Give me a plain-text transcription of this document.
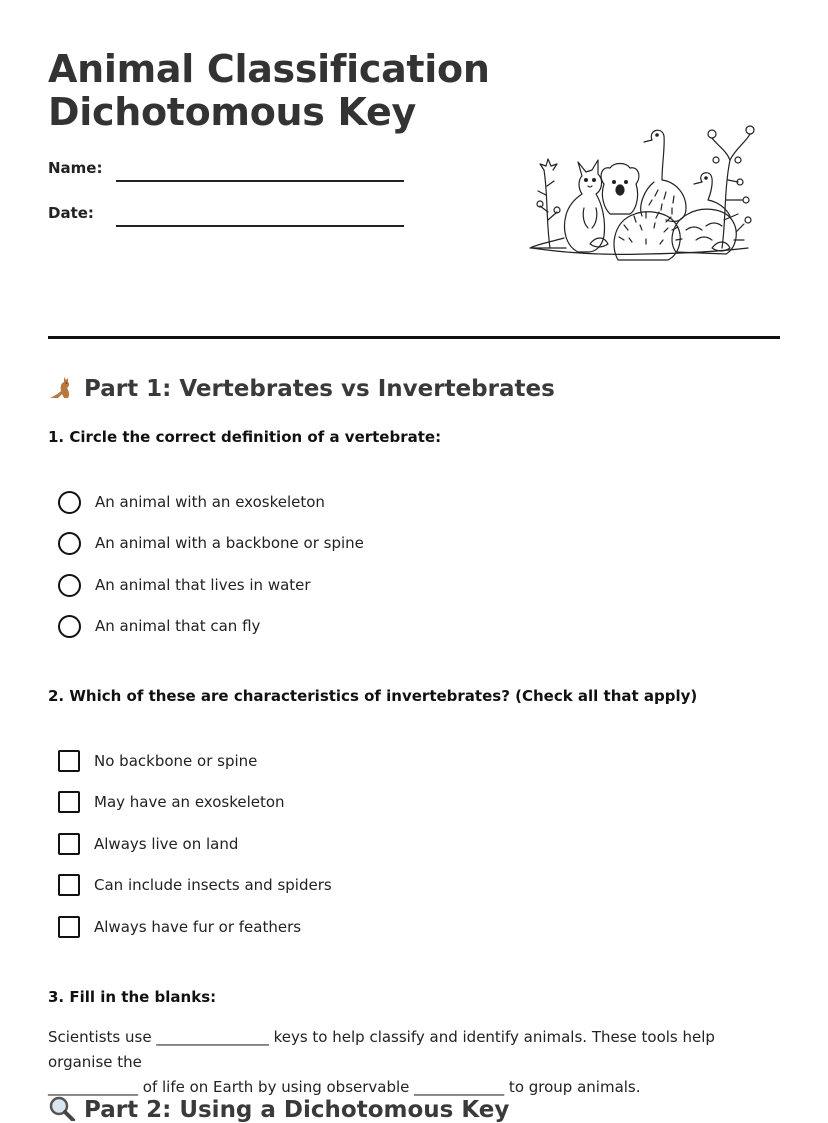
Animal Classification
Dichotomous Key
Name:
Date:
Part 1: Vertebrates vs Invertebrates

1. Circle the correct definition of a vertebrate:

An animal with an exoskeleton
An animal with a backbone or spine
An animal that lives in water
An animal that can fly

2. Which of these are characteristics of invertebrates? (Check all that apply)

No backbone or spine
May have an exoskeleton
Always live on land
Can include insects and spiders
Always have fur or feathers

3. Fill in the blanks:

Scientists use _______________ keys to help classify and identify animals. These tools help organise the
____________ of life on Earth by using observable ____________ to group animals.

Part 2: Using a Dichotomous Key
